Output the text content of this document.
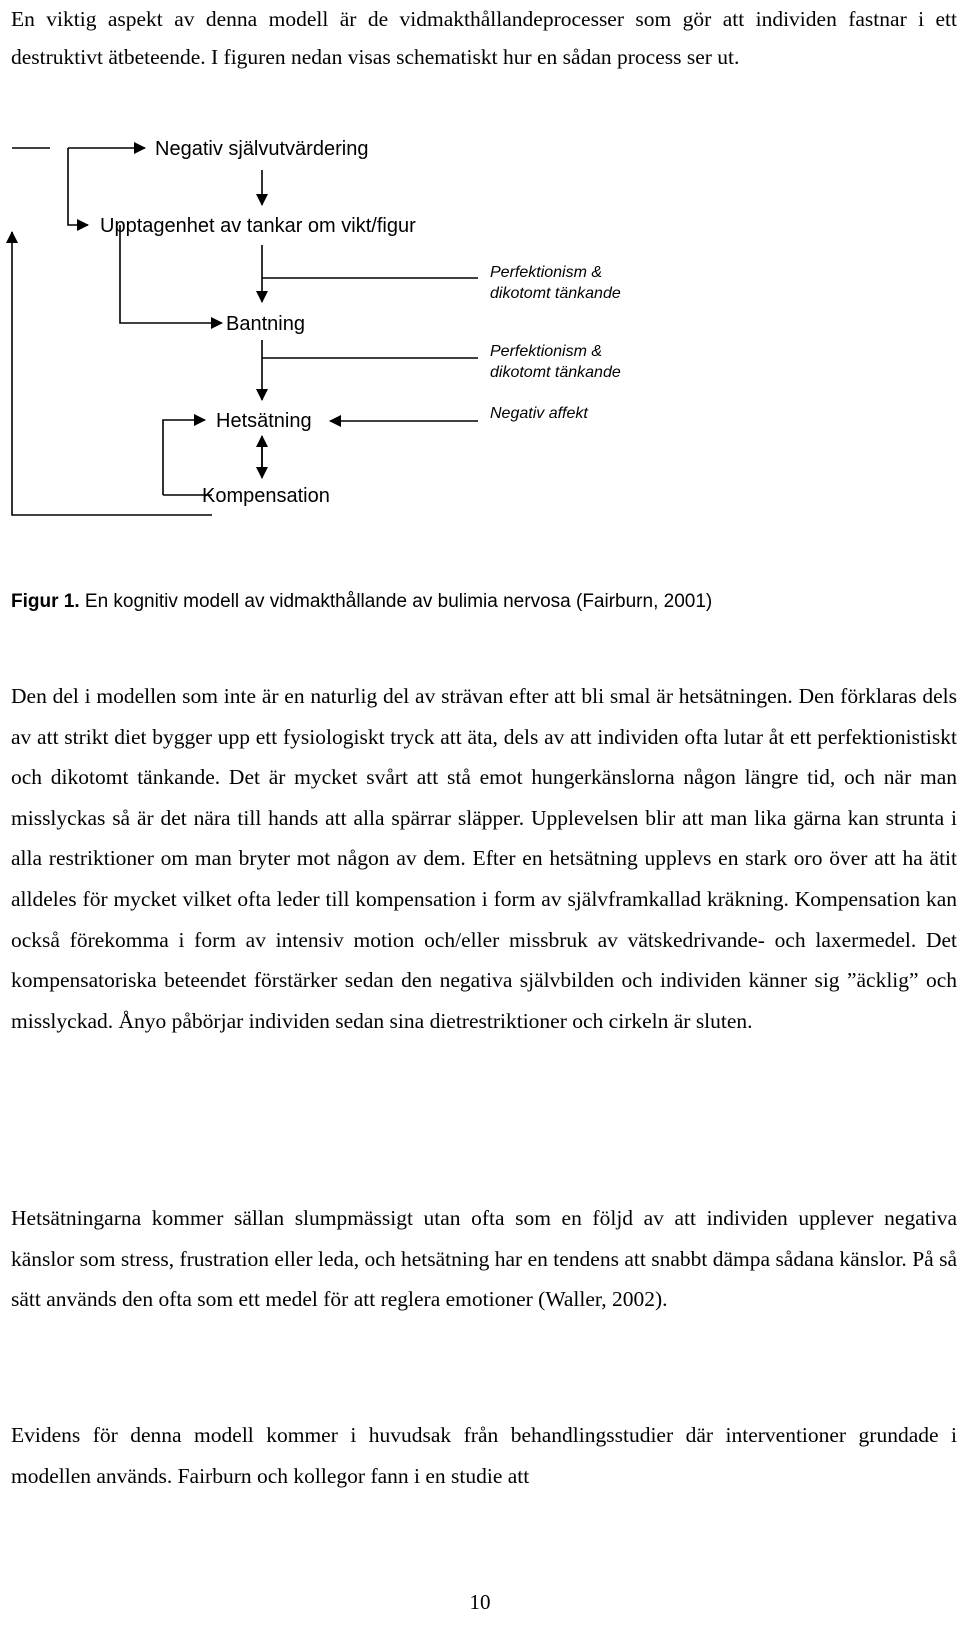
En viktig aspekt av denna modell är de vidmakthållandeprocesser som gör att individen fastnar i ett destruktivt ätbeteende. I figuren nedan visas schematiskt hur en sådan process ser ut.

Negativ självutvärdering
Upptagenhet av tankar om vikt/figur
Bantning
Hetsätning
Kompensation
Perfektionism &
dikotomt tänkande
Perfektionism &
dikotomt tänkande
Negativ affekt
Figur 1. En kognitiv modell av vidmakthållande av bulimia nervosa (Fairburn, 2001)

Den del i modellen som inte är en naturlig del av strävan efter att bli smal är hetsätningen. Den förklaras dels av att strikt diet bygger upp ett fysiologiskt tryck att äta, dels av att individen ofta lutar åt ett perfektionistiskt och dikotomt tänkande. Det är mycket svårt att stå emot hungerkänslorna någon längre tid, och när man misslyckas så är det nära till hands att alla spärrar släpper. Upplevelsen blir att man lika gärna kan strunta i alla restriktioner om man bryter mot någon av dem. Efter en hetsätning upplevs en stark oro över att ha ätit alldeles för mycket vilket ofta leder till kompensation i form av självframkallad kräkning. Kompensation kan också förekomma i form av intensiv motion och/eller missbruk av vätskedrivande- och laxermedel. Det kompensatoriska beteendet förstärker sedan den negativa självbilden och individen känner sig ”äcklig” och misslyckad. Ånyo påbörjar individen sedan sina dietrestriktioner och cirkeln är sluten.

Hetsätningarna kommer sällan slumpmässigt utan ofta som en följd av att individen upplever negativa känslor som stress, frustration eller leda, och hetsätning har en tendens att snabbt dämpa sådana känslor. På så sätt används den ofta som ett medel för att reglera emotioner (Waller, 2002).

Evidens för denna modell kommer i huvudsak från behandlingsstudier där interventioner grundade i modellen används. Fairburn och kollegor fann i en studie att

10
